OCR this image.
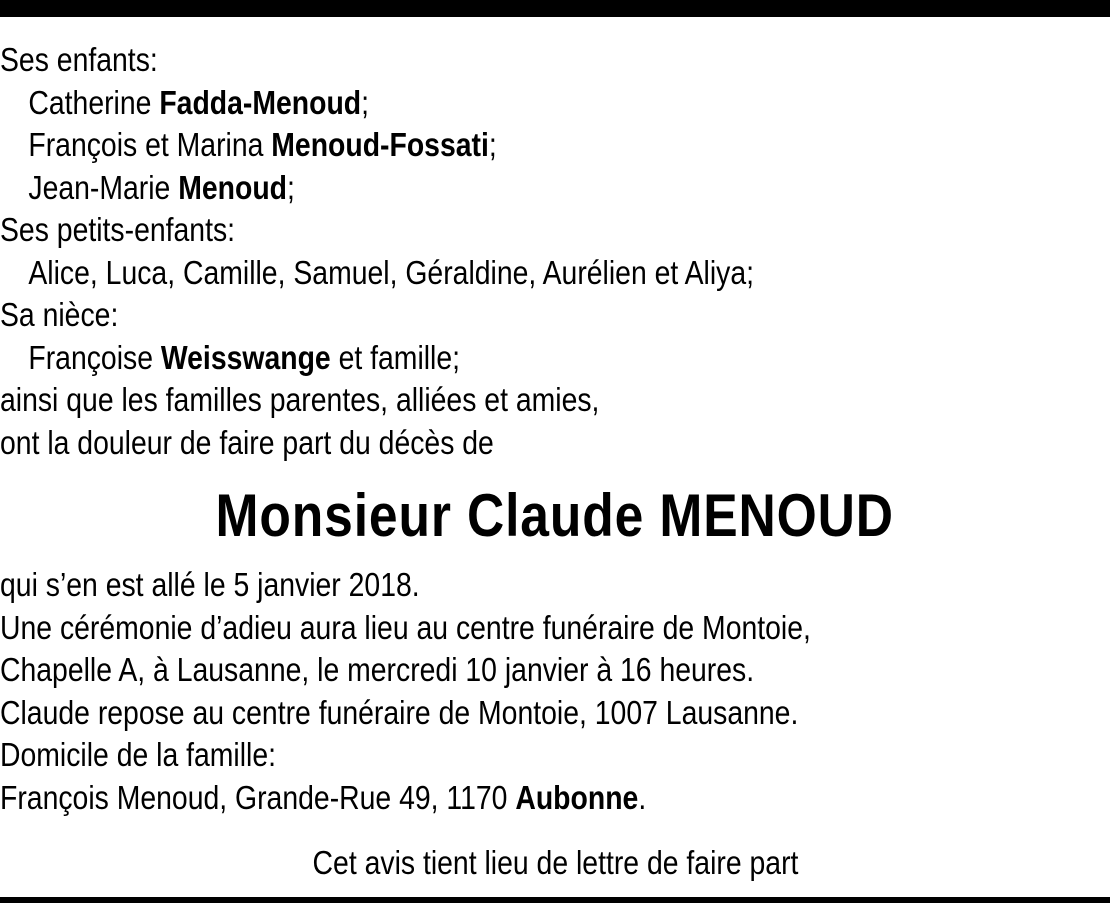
Ses enfants:
Catherine Fadda-Menoud;
François et Marina Menoud-Fossati;
Jean-Marie Menoud;
Ses petits-enfants:
Alice, Luca, Camille, Samuel, Géraldine, Aurélien et Aliya;
Sa nièce:
Françoise Weisswange et famille;
ainsi que les familles parentes, alliées et amies,
ont la douleur de faire part du décès de
Monsieur Claude MENOUD
qui s’en est allé le 5 janvier 2018.
Une cérémonie d’adieu aura lieu au centre funéraire de Montoie,
Chapelle A, à Lausanne, le mercredi 10 janvier à 16 heures.
Claude repose au centre funéraire de Montoie, 1007 Lausanne.
Domicile de la famille:
François Menoud, Grande-Rue 49, 1170 Aubonne.
Cet avis tient lieu de lettre de faire part
